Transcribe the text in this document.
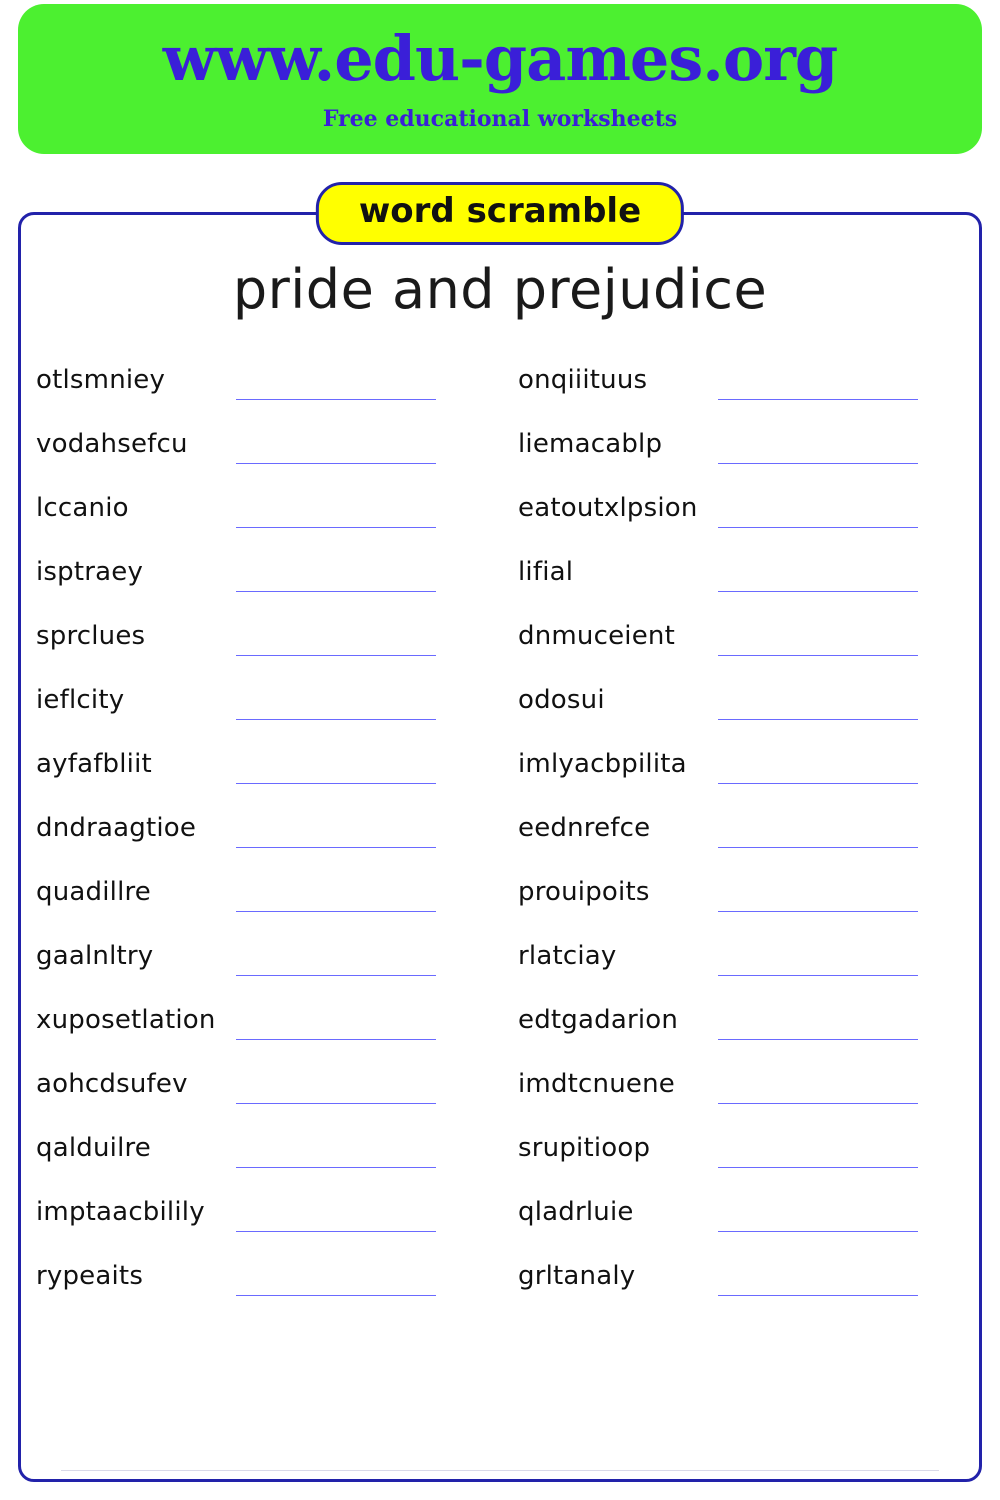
www.edu-games.org
Free educational worksheets
word scramble
pride and prejudice
otlsmniey
vodahsefcu
lccanio
isptraey
sprclues
ieflcity
ayfafbliit
dndraagtioe
quadillre
gaalnltry
xuposetlation
aohcdsufev
qalduilre
imptaacbilily
rypeaits
onqiiituus
liemacablp
eatoutxlpsion
lifial
dnmuceient
odosui
imlyacbpilita
eednrefce
prouipoits
rlatciay
edtgadarion
imdtcnuene
srupitioop
qladrluie
grltanaly
